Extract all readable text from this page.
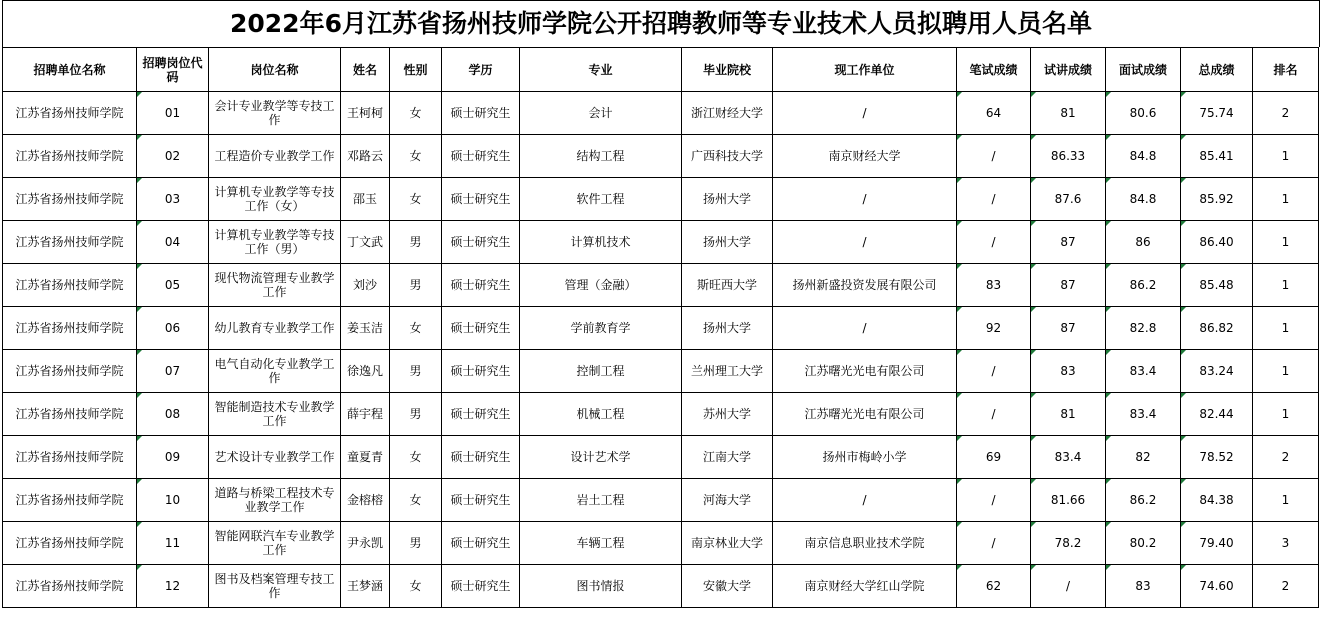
2022年6月江苏省扬州技师学院公开招聘教师等专业技术人员拟聘用人员名单
招聘单位名称	招聘岗位代码	岗位名称	姓名	性别	学历	专业	毕业院校	现工作单位	笔试成绩	试讲成绩	面试成绩	总成绩	排名
江苏省扬州技师学院	01	会计专业教学等专技工作	王柯柯	女	硕士研究生	会计	浙江财经大学	/	64	81	80.6	75.74	2
江苏省扬州技师学院	02	工程造价专业教学工作	邓路云	女	硕士研究生	结构工程	广西科技大学	南京财经大学	/	86.33	84.8	85.41	1
江苏省扬州技师学院	03	计算机专业教学等专技工作（女）	邵玉	女	硕士研究生	软件工程	扬州大学	/	/	87.6	84.8	85.92	1
江苏省扬州技师学院	04	计算机专业教学等专技工作（男）	丁文武	男	硕士研究生	计算机技术	扬州大学	/	/	87	86	86.40	1
江苏省扬州技师学院	05	现代物流管理专业教学工作	刘沙	男	硕士研究生	管理（金融）	斯旺西大学	扬州新盛投资发展有限公司	83	87	86.2	85.48	1
江苏省扬州技师学院	06	幼儿教育专业教学工作	姜玉洁	女	硕士研究生	学前教育学	扬州大学	/	92	87	82.8	86.82	1
江苏省扬州技师学院	07	电气自动化专业教学工作	徐逸凡	男	硕士研究生	控制工程	兰州理工大学	江苏曙光光电有限公司	/	83	83.4	83.24	1
江苏省扬州技师学院	08	智能制造技术专业教学工作	薛宇程	男	硕士研究生	机械工程	苏州大学	江苏曙光光电有限公司	/	81	83.4	82.44	1
江苏省扬州技师学院	09	艺术设计专业教学工作	童夏青	女	硕士研究生	设计艺术学	江南大学	扬州市梅岭小学	69	83.4	82	78.52	2
江苏省扬州技师学院	10	道路与桥梁工程技术专业教学工作	金榕榕	女	硕士研究生	岩土工程	河海大学	/	/	81.66	86.2	84.38	1
江苏省扬州技师学院	11	智能网联汽车专业教学工作	尹永凯	男	硕士研究生	车辆工程	南京林业大学	南京信息职业技术学院	/	78.2	80.2	79.40	3
江苏省扬州技师学院	12	图书及档案管理专技工作	王梦涵	女	硕士研究生	图书情报	安徽大学	南京财经大学红山学院	62	/	83	74.60	2
